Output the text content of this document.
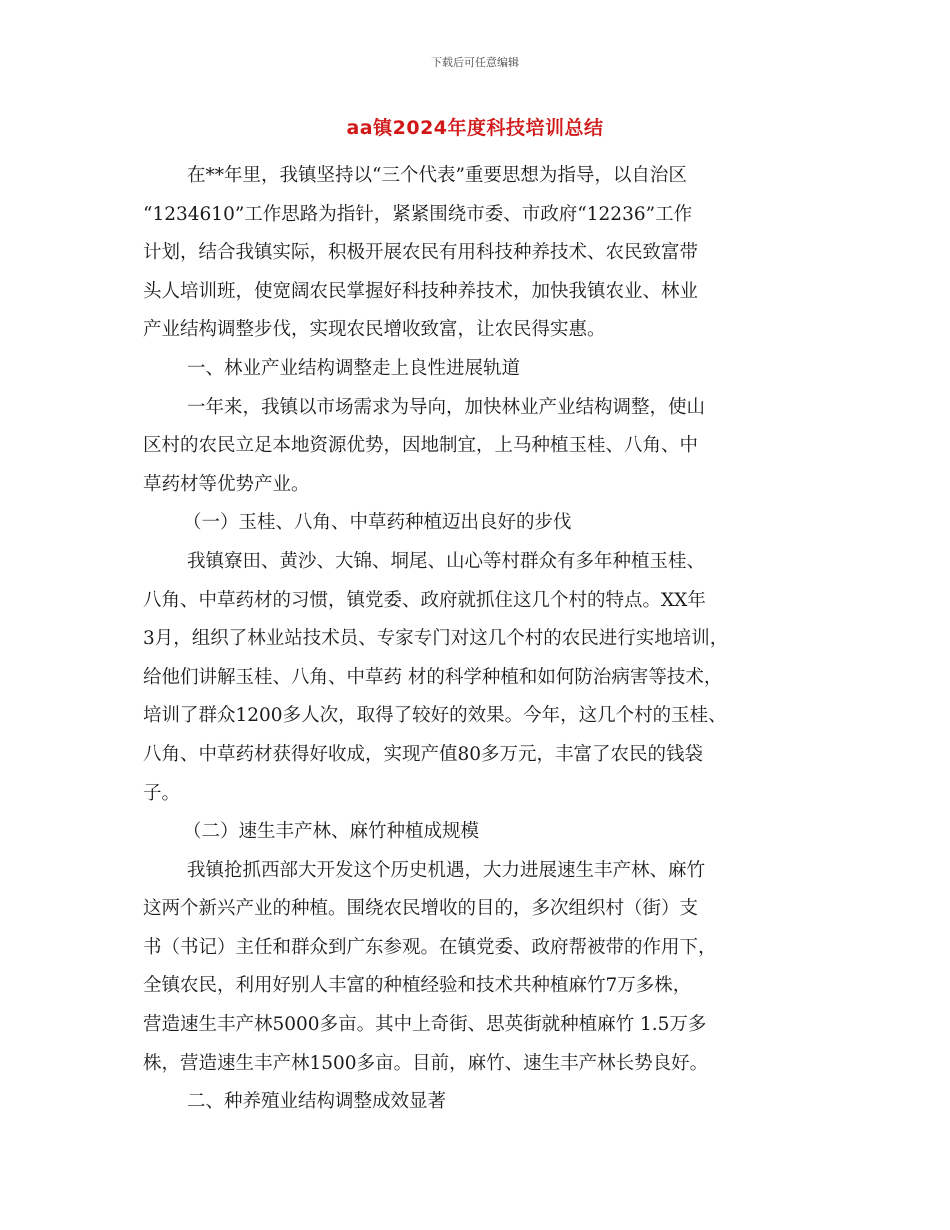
下载后可任意编辑
aa镇2024年度科技培训总结
在**年里，我镇坚持以“三个代表”重要思想为指导，以自治区
“1234610”工作思路为指针，紧紧围绕市委、市政府“12236”工作
计划，结合我镇实际，积极开展农民有用科技种养技术、农民致富带
头人培训班，使宽阔农民掌握好科技种养技术，加快我镇农业、林业
产业结构调整步伐，实现农民增收致富，让农民得实惠。
一、林业产业结构调整走上良性进展轨道
一年来，我镇以市场需求为导向，加快林业产业结构调整，使山
区村的农民立足本地资源优势，因地制宜，上马种植玉桂、八角、中
草药材等优势产业。
（一）玉桂、八角、中草药种植迈出良好的步伐
我镇寮田、黄沙、大锦、垌尾、山心等村群众有多年种植玉桂、
八角、中草药材的习惯，镇党委、政府就抓住这几个村的特点。XX年
3月，组织了林业站技术员、专家专门对这几个村的农民进行实地培训，
给他们讲解玉桂、八角、中草药 材的科学种植和如何防治病害等技术，
培训了群众1200多人次，取得了较好的效果。今年，这几个村的玉桂、
八角、中草药材获得好收成，实现产值80多万元，丰富了农民的钱袋
子。
（二）速生丰产林、麻竹种植成规模
我镇抢抓西部大开发这个历史机遇，大力进展速生丰产林、麻竹
这两个新兴产业的种植。围绕农民增收的目的，多次组织村（街）支
书（书记）主任和群众到广东参观。在镇党委、政府帮被带的作用下，
全镇农民，利用好别人丰富的种植经验和技术共种植麻竹7万多株，
营造速生丰产林5000多亩。其中上奇街、思英街就种植麻竹 1.5万多
株，营造速生丰产林1500多亩。目前，麻竹、速生丰产林长势良好。
二、种养殖业结构调整成效显著
